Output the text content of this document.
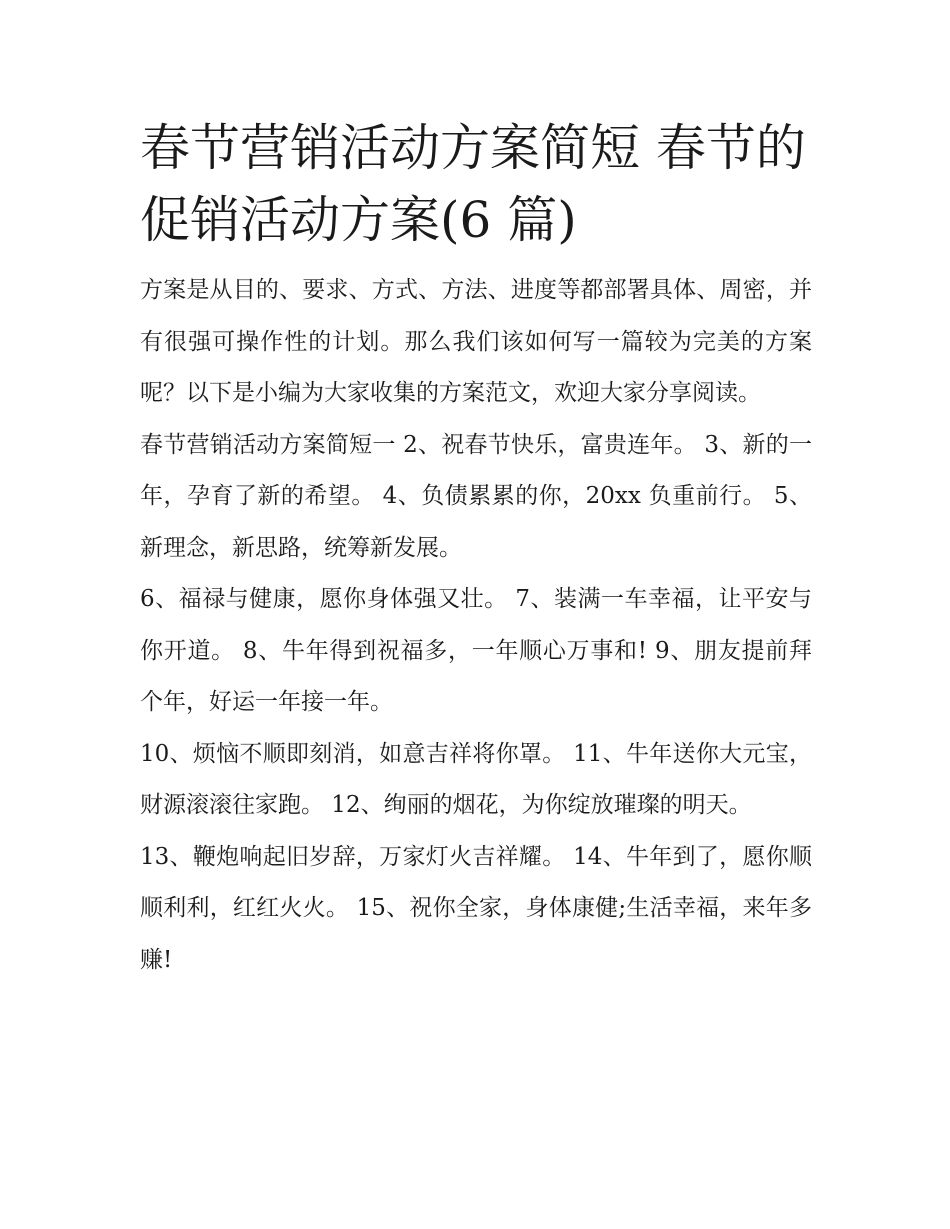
春节营销活动方案简短 春节的促销活动方案(6 篇)

方案是从目的、要求、方式、方法、进度等都部署具体、周密，并有很强可操作性的计划。那么我们该如何写一篇较为完美的方案呢？以下是小编为大家收集的方案范文，欢迎大家分享阅读。

春节营销活动方案简短一 2、祝春节快乐，富贵连年。 3、新的一年，孕育了新的希望。 4、负债累累的你，20xx 负重前行。 5、新理念，新思路，统筹新发展。

6、福禄与健康，愿你身体强又壮。 7、装满一车幸福，让平安与你开道。 8、牛年得到祝福多，一年顺心万事和! 9、朋友提前拜个年，好运一年接一年。

10、烦恼不顺即刻消，如意吉祥将你罩。 11、牛年送你大元宝，财源滚滚往家跑。 12、绚丽的烟花，为你绽放璀璨的明天。

13、鞭炮响起旧岁辞，万家灯火吉祥耀。 14、牛年到了，愿你顺顺利利，红红火火。 15、祝你全家，身体康健;生活幸福，来年多赚!
